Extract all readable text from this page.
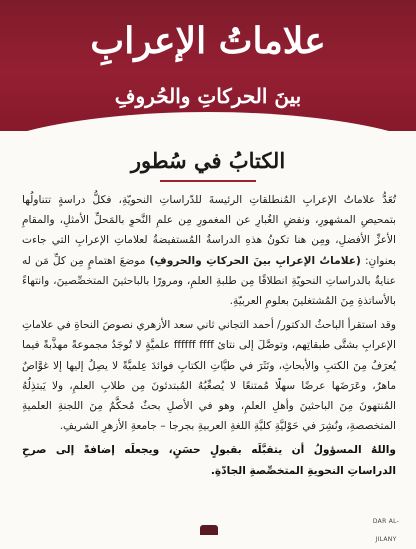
علاماتُ الإعرابِ
بينَ الحركاتِ والحُروفِ
الكتابُ في سُطور

تُعَدُّ علاماتُ الإعرابِ المُنطلقاتِ الرئيسةَ للدّراساتِ النحويّةِ، فكلُّ دراسةٍ تتناولُها بتمحيصِ المشهورِ، ونفضِ الغُبارِ عن المغمورِ مِن علمِ النَّحوِ بالمَحلِّ الأمثلِ، والمقامِ الأعزِّ الأفضلِ، ومِن هنا تكونُ هذهِ الدراسةُ المُستفيضةُ لعلاماتِ الإعرابِ التي جاءت بعنوانِ: (علاماتُ الإعرابِ بينَ الحركاتِ والحروفِ) موضعَ اهتمامٍ مِن كلِّ مَن له عنايةٌ بالدراساتِ النحويّةِ انطلاقًا مِن طلبةِ العلمِ، ومرورًا بالباحثينَ المتخصِّصينَ، وانتهاءً بالأساتذةِ مِنَ المُشتغلينَ بعلومِ العربيّةِ.

وقد استقرأ الباحثُ الدكتور/ أحمد التجاني ثاني سعد الأزهري نصوصَ النحاةِ في علاماتِ الإعرابِ بشتَّى طبقاتِهم، وتوصَّلَ إلى نتائ ffffff ffff علميَّةٍ لا تُوجَدُ مجموعةً مهذَّبةً فيما يُعرَفُ مِنَ الكتبِ والأبحاثِ، ونَثَرَ في طيَّاتِ الكتابِ فوائدَ عِلميَّةً لا يصِلُ إليها إلا غوَّاصٌ ماهرٌ، وعَرَضَها عرضًا سهلًا مُمتنعًا لا يُصعِّبُهُ المُبتدئونَ مِن طلابِ العلمِ، ولا يَبتذِلُهُ المُنتهونَ مِنَ الباحثينَ وأهلِ العلمِ، وهو في الأصلِ بحثٌ مُحكَّمٌ مِنَ اللجنةِ العلميةِ المتخصصةِ، ونُشِرَ في حَوْليَّةِ كليَّةِ اللغةِ العربيةِ بجرجا – جامعةِ الأزهرِ الشريفِ.

واللهُ المسؤولُ أن يتقبَّلَه بقبولٍ حسَنٍ، ويجعلَه إضافةً إلى صرحِ الدراساتِ النحويةِ المتخصِّصةِ الجادّةِ.

DAR AL-JILANY
